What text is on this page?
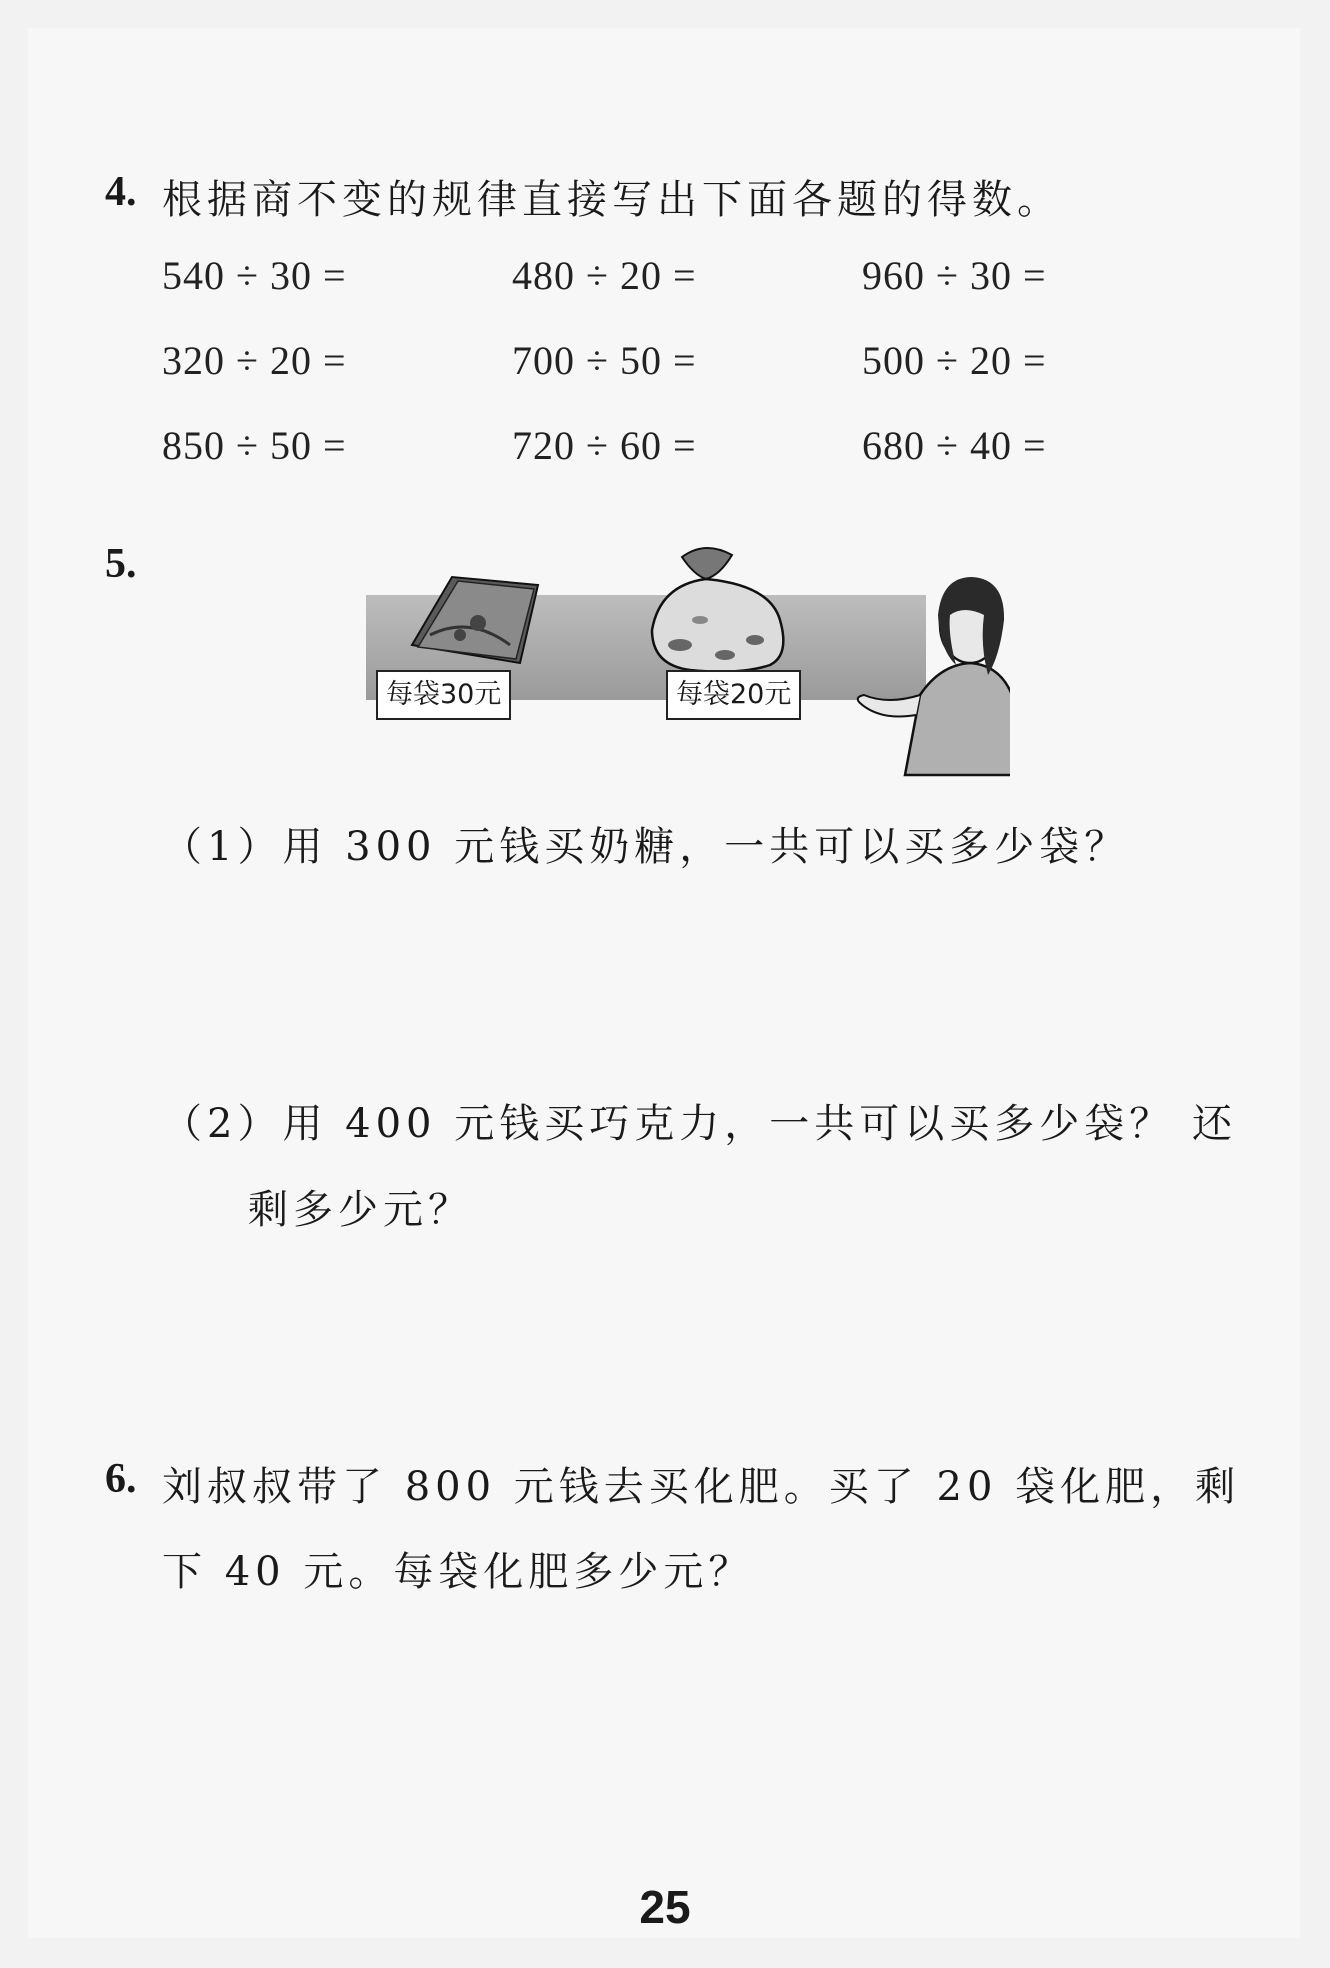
4. 根据商不变的规律直接写出下面各题的得数。
540 ÷ 30 =	480 ÷ 20 =	960 ÷ 30 =
320 ÷ 20 =	700 ÷ 50 =	500 ÷ 20 =
850 ÷ 50 =	720 ÷ 60 =	680 ÷ 40 =
5.
每袋30元	每袋20元
（1）用 300 元钱买奶糖，一共可以买多少袋？
（2）用 400 元钱买巧克力，一共可以买多少袋？ 还
剩多少元？
6. 刘叔叔带了 800 元钱去买化肥。买了 20 袋化肥，剩
下 40 元。每袋化肥多少元？
25
